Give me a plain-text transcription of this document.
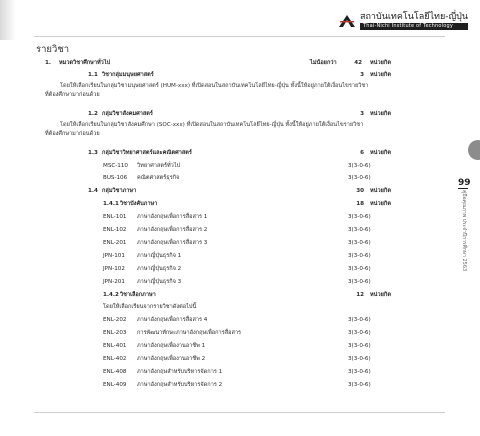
สถาบันเทคโนโลยีไทย-ญี่ปุ่น
Thai-Nichi Institute of Technology
รายวิชา
1. หมวดวิชาศึกษาทั่วไป	ไม่น้อยกว่า	42 หน่วยกิต
1.1 วิชากลุ่มมนุษยศาสตร์	3 หน่วยกิต
โดยให้เลือกเรียนในกลุ่มวิชามนุษยศาสตร์ (HUM-xxx) ที่เปิดสอนในสถาบันเทคโนโลยีไทย-ญี่ปุ่น ทั้งนี้ให้อยู่ภายใต้เงื่อนไขรายวิชา
ที่ต้องศึกษามาก่อนด้วย
1.2 กลุ่มวิชาสังคมศาสตร์	3 หน่วยกิต
โดยให้เลือกเรียนในกลุ่มวิชาสังคมศึกษา (SOC-xxx) ที่เปิดสอนในสถาบันเทคโนโลยีไทย-ญี่ปุ่น ทั้งนี้ให้อยู่ภายใต้เงื่อนไขรายวิชา
ที่ต้องศึกษามาก่อนด้วย
1.3 กลุ่มวิชาวิทยาศาสตร์และคณิตศาสตร์	6 หน่วยกิต
MSC-110 วิทยาศาสตร์ทั่วไป	3(3-0-6)
BUS-106 คณิตศาสตร์ธุรกิจ	3(3-0-6)
1.4 กลุ่มวิชาภาษา	30 หน่วยกิต
1.4.1 วิชาบังคับภาษา	18 หน่วยกิต
ENL-101 ภาษาอังกฤษเพื่อการสื่อสาร 1	3(3-0-6)
ENL-102 ภาษาอังกฤษเพื่อการสื่อสาร 2	3(3-0-6)
ENL-201 ภาษาอังกฤษเพื่อการสื่อสาร 3	3(3-0-6)
JPN-101 ภาษาญี่ปุ่นธุรกิจ 1	3(3-0-6)
JPN-102 ภาษาญี่ปุ่นธุรกิจ 2	3(3-0-6)
JPN-201 ภาษาญี่ปุ่นธุรกิจ 3	3(3-0-6)
1.4.2 วิชาเลือกภาษา	12 หน่วยกิต
โดยให้เลือกเรียนจากรายวิชาดังต่อไปนี้
ENL-202 ภาษาอังกฤษเพื่อการสื่อสาร 4	3(3-0-6)
ENL-203 การพัฒนาทักษะภาษาอังกฤษเพื่อการสื่อสาร	3(3-0-6)
ENL-401 ภาษาอังกฤษเพื่องานอาชีพ 1	3(3-0-6)
ENL-402 ภาษาอังกฤษเพื่องานอาชีพ 2	3(3-0-6)
ENL-408 ภาษาอังกฤษสำหรับบริหารจัดการ 1	3(3-0-6)
ENL-409 ภาษาอังกฤษสำหรับบริหารจัดการ 2	3(3-0-6)
99
คู่มือคุณภาพ ประจำปีการศึกษา 2563
